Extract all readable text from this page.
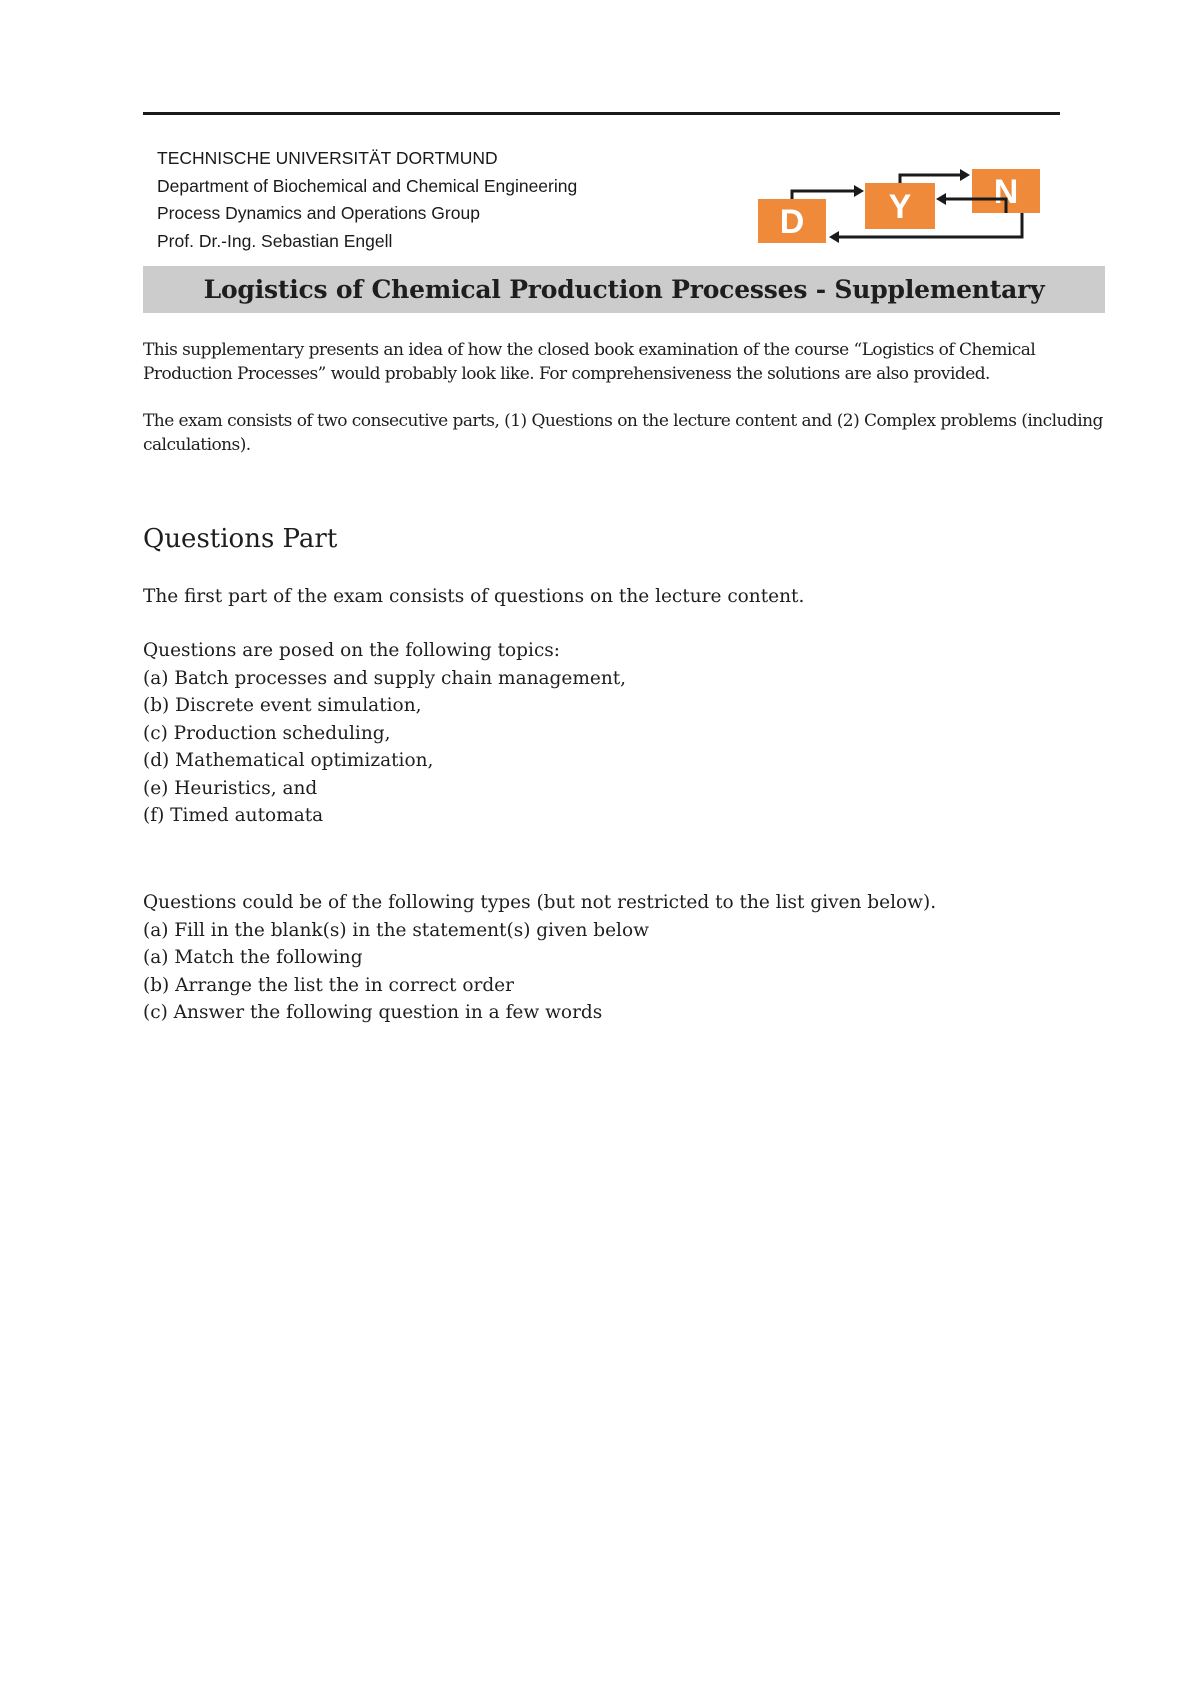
TECHNISCHE UNIVERSITÄT DORTMUND
Department of Biochemical and Chemical Engineering
Process Dynamics and Operations Group
Prof. Dr.-Ing. Sebastian Engell	D Y N
Logistics of Chemical Production Processes - Supplementary
This supplementary presents an idea of how the closed book examination of the course “Logistics of Chemical Production Processes” would probably look like. For comprehensiveness the solutions are also provided.
The exam consists of two consecutive parts, (1) Questions on the lecture content and (2) Complex problems (including calculations).
Questions Part
The first part of the exam consists of questions on the lecture content.
Questions are posed on the following topics:
(a) Batch processes and supply chain management,
(b) Discrete event simulation,
(c) Production scheduling,
(d) Mathematical optimization,
(e) Heuristics, and
(f) Timed automata
Questions could be of the following types (but not restricted to the list given below).
(a) Fill in the blank(s) in the statement(s) given below
(a) Match the following
(b) Arrange the list the in correct order
(c) Answer the following question in a few words
